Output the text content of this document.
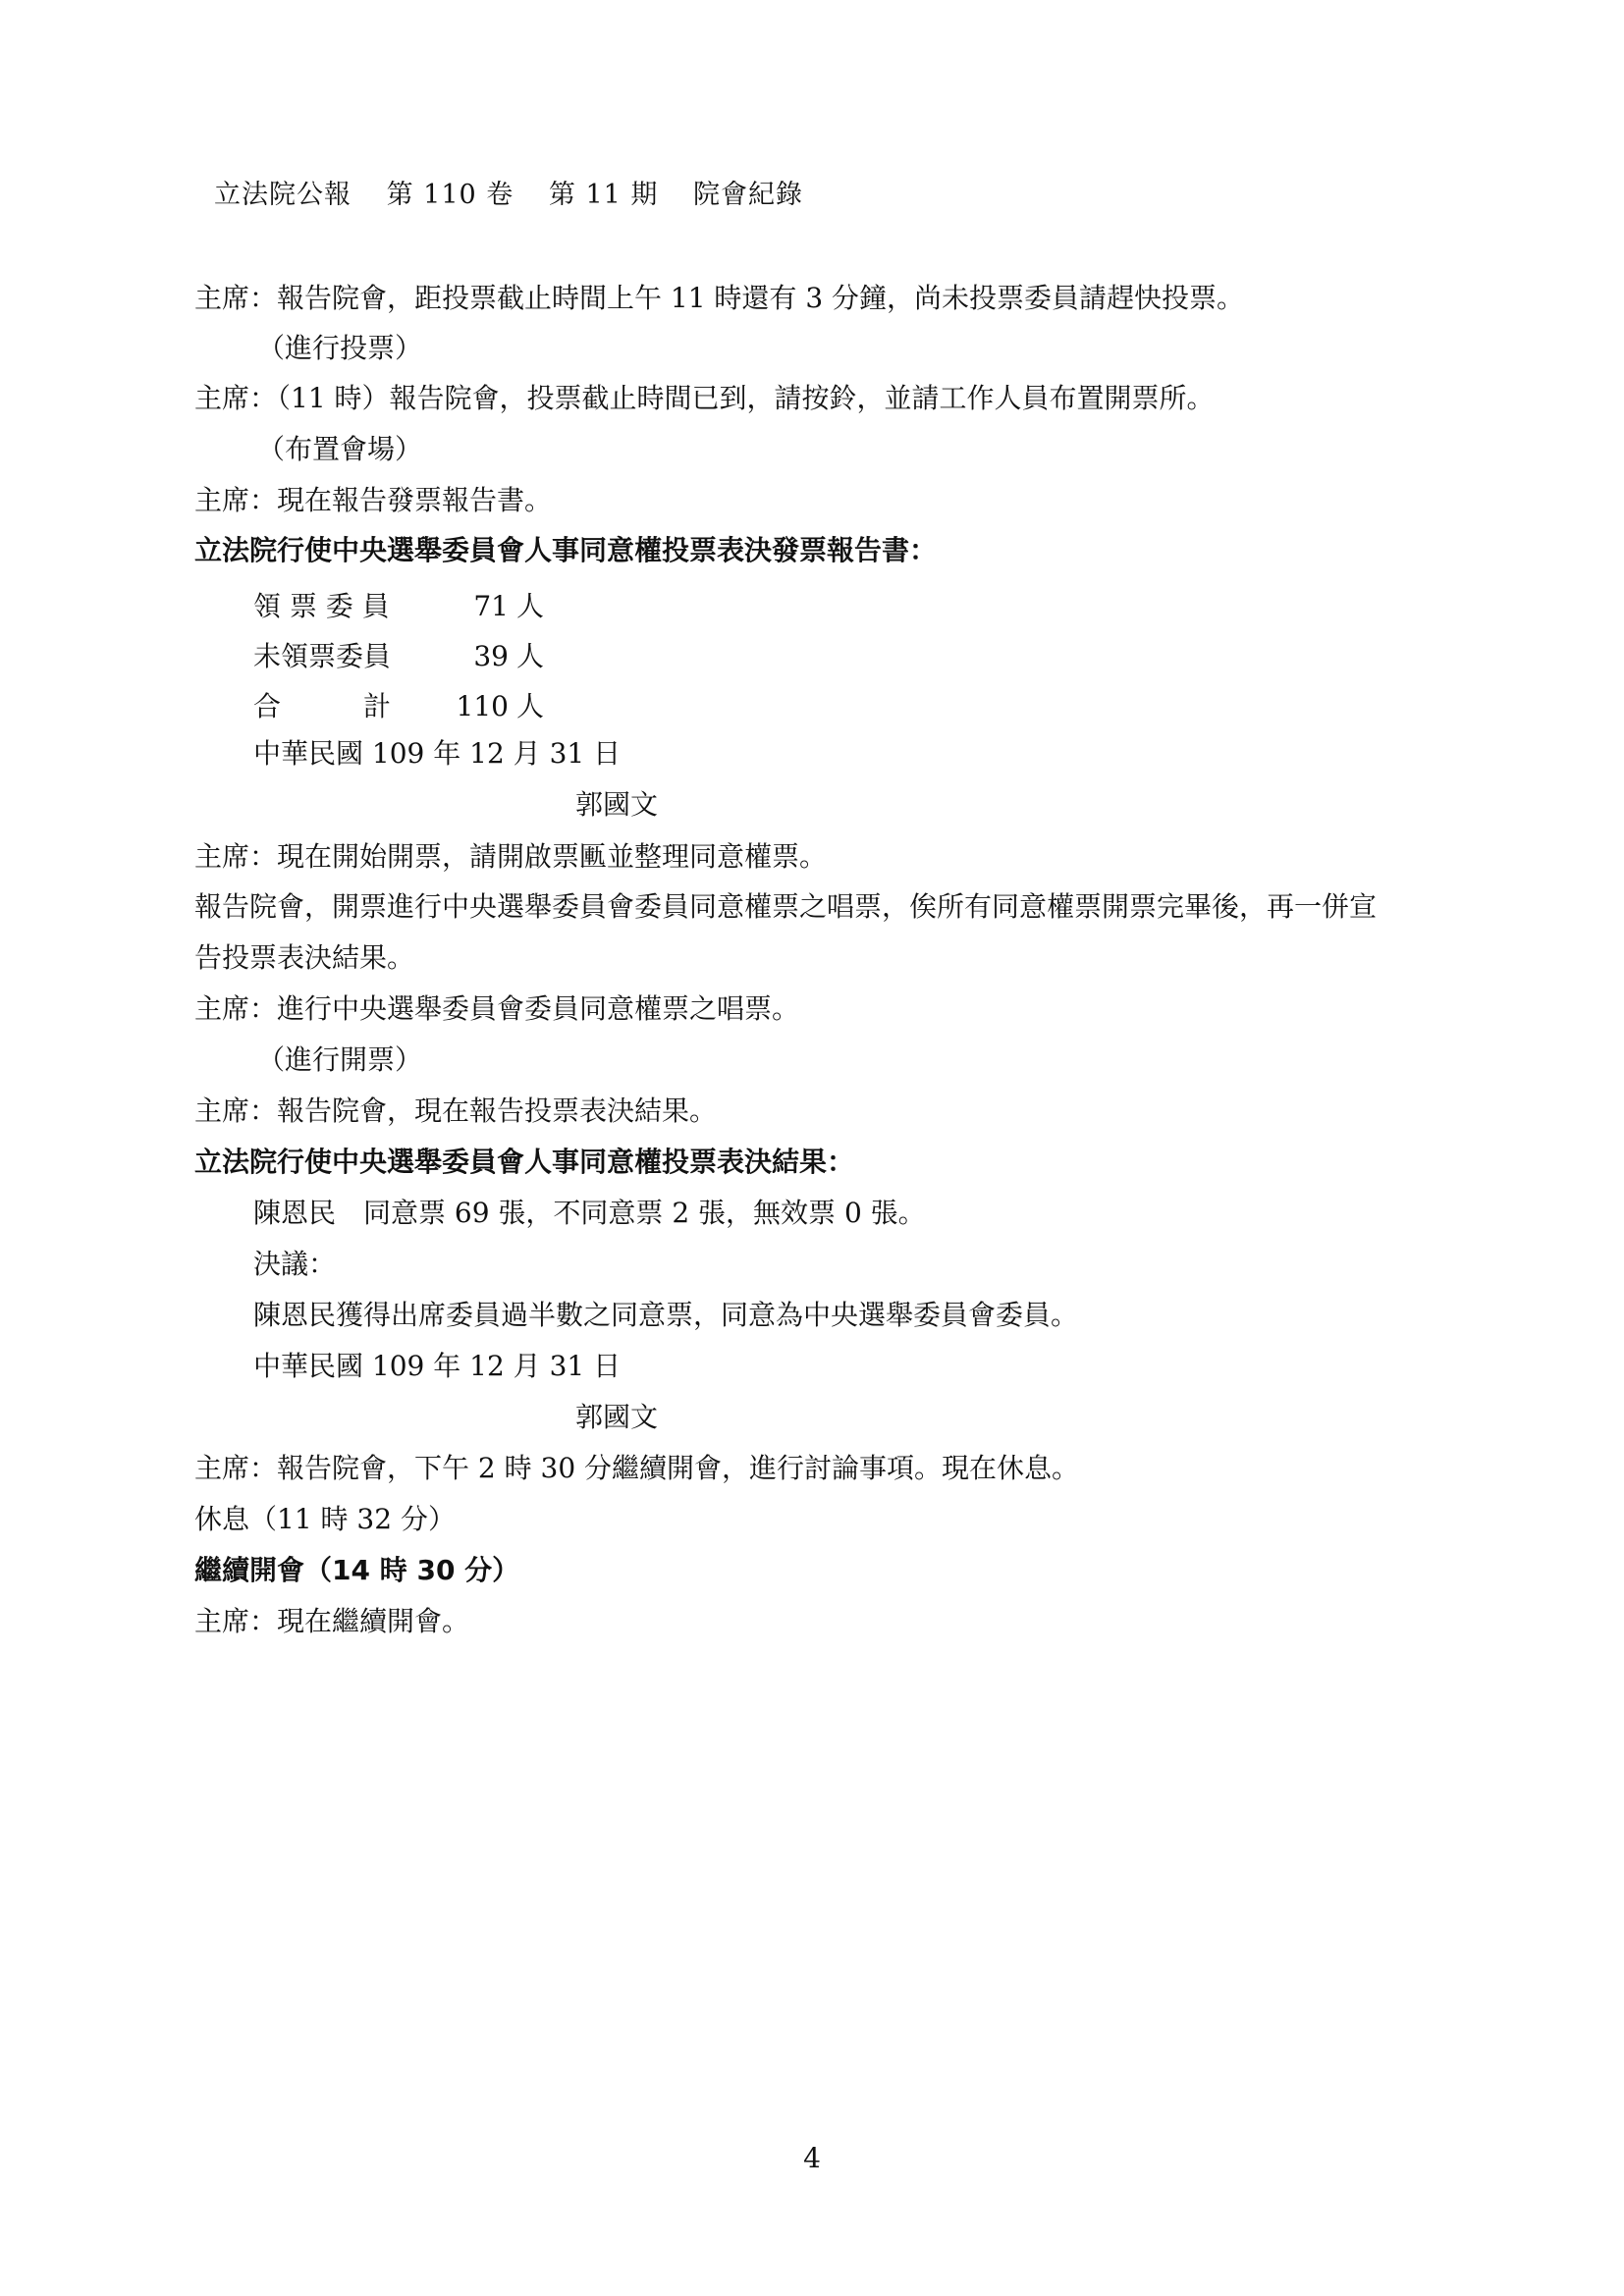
立法院公報 第 110 卷 第 11 期 院會紀錄
主席：報告院會，距投票截止時間上午 11 時還有 3 分鐘，尚未投票委員請趕快投票。
（進行投票）
主席：（11 時）報告院會，投票截止時間已到，請按鈴，並請工作人員布置開票所。
（布置會場）
主席：現在報告發票報告書。
立法院行使中央選舉委員會人事同意權投票表決發票報告書：
領 票 委 員	71 人
未領票委員	39 人
合　　　計 110 人
中華民國 109 年 12 月 31 日
郭國文
主席：現在開始開票，請開啟票匭並整理同意權票。
報告院會，開票進行中央選舉委員會委員同意權票之唱票，俟所有同意權票開票完畢後，再一併宣
告投票表決結果。
主席：進行中央選舉委員會委員同意權票之唱票。
（進行開票）
主席：報告院會，現在報告投票表決結果。
立法院行使中央選舉委員會人事同意權投票表決結果：
陳恩民　同意票 69 張，不同意票 2 張，無效票 0 張。
決議：
陳恩民獲得出席委員過半數之同意票，同意為中央選舉委員會委員。
中華民國 109 年 12 月 31 日
郭國文
主席：報告院會，下午 2 時 30 分繼續開會，進行討論事項。現在休息。
休息（11 時 32 分）
繼續開會（14 時 30 分）
主席：現在繼續開會。
4
